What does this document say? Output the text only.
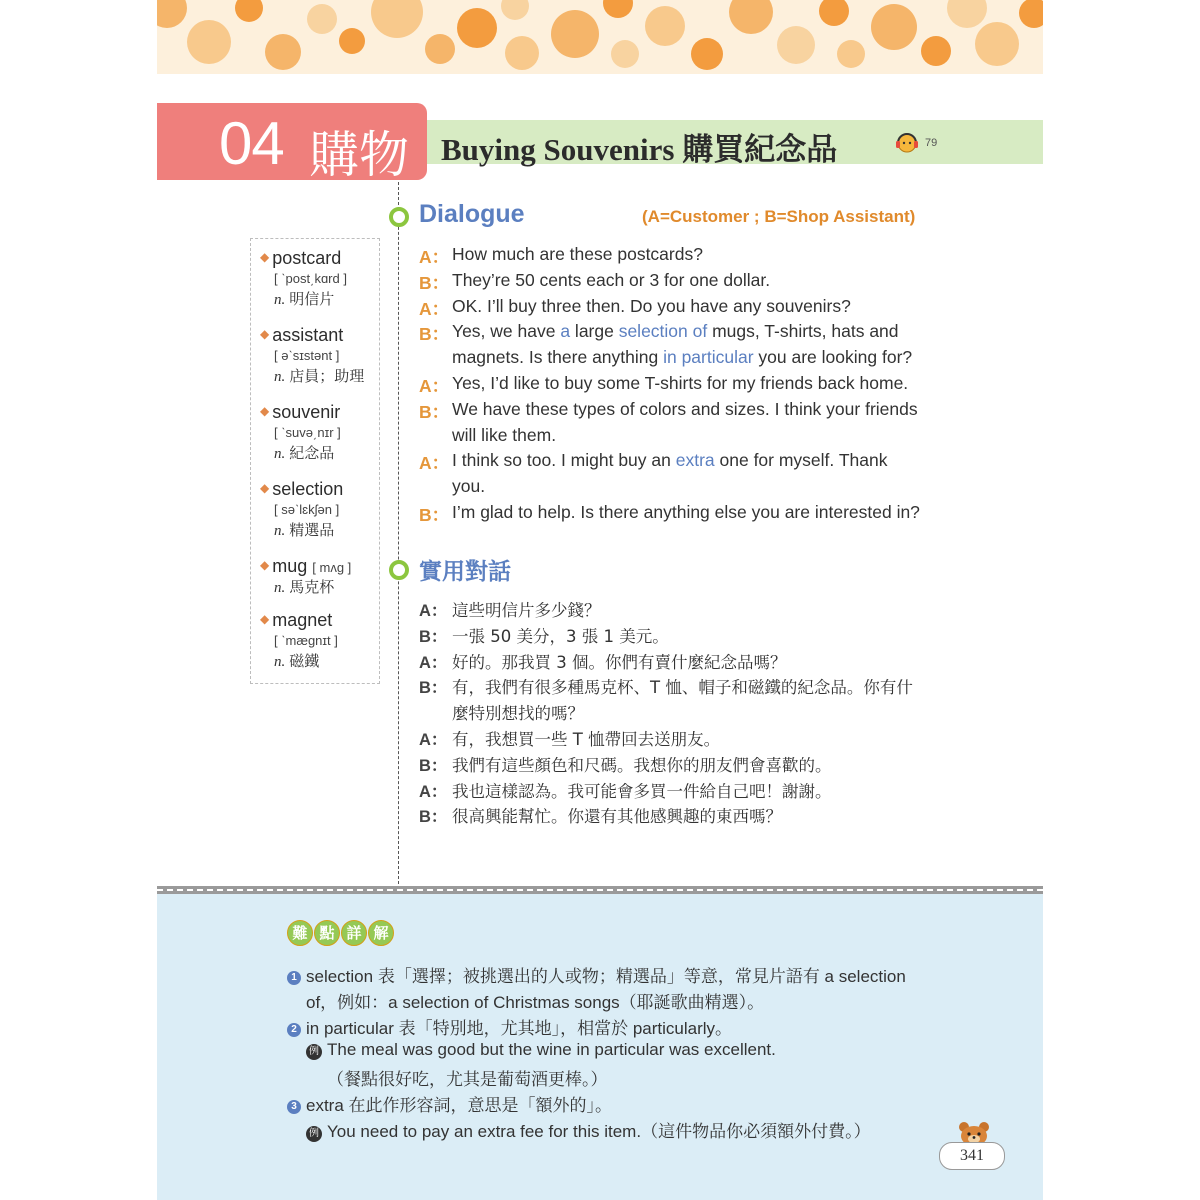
04 購物 Buying Souvenirs 購買紀念品	79
◆ postcard
[ ˋpost͵kɑrd ]
n. 明信片
◆ assistant
[ əˋsɪstənt ]
n. 店員；助理
◆ souvenir
[ ˋsuvə͵nɪr ]
n. 紀念品
◆ selection
[ səˋlɛkʃən ]
n. 精選品
◆ mug [ mʌg ]
n. 馬克杯
◆ magnet
[ ˋmægnɪt ]
n. 磁鐵
Dialogue	(A=Customer ; B=Shop Assistant)
A： How much are these postcards?
B： They’re 50 cents each or 3 for one dollar.
A： OK. I’ll buy three then. Do you have any souvenirs?
B： Yes, we have a large selection of mugs, T-shirts, hats and
magnets. Is there anything in particular you are looking for?
A： Yes, I’d like to buy some T-shirts for my friends back home.
B： We have these types of colors and sizes. I think your friends
will like them.
A： I think so too. I might buy an extra one for myself. Thank
you.
B： I’m glad to help. Is there anything else you are interested in?
實用對話
A： 這些明信片多少錢？
B： 一張 50 美分，3 張 1 美元。
A： 好的。那我買 3 個。你們有賣什麼紀念品嗎？
B： 有，我們有很多種馬克杯、T 恤、帽子和磁鐵的紀念品。你有什
麼特別想找的嗎？
A： 有，我想買一些 T 恤帶回去送朋友。
B： 我們有這些顏色和尺碼。我想你的朋友們會喜歡的。
A： 我也這樣認為。我可能會多買一件給自己吧！謝謝。
B： 很高興能幫忙。你還有其他感興趣的東西嗎？
難 點 詳 解
1 selection 表「選擇；被挑選出的人或物；精選品」等意，常見片語有 a selection
of，例如：a selection of Christmas songs（耶誕歌曲精選）。
2 in particular 表「特別地，尤其地」，相當於 particularly。
例 The meal was good but the wine in particular was excellent.
（餐點很好吃，尤其是葡萄酒更棒。）
3 extra 在此作形容詞，意思是「額外的」。
例 You need to pay an extra fee for this item.（這件物品你必須額外付費。）
341
